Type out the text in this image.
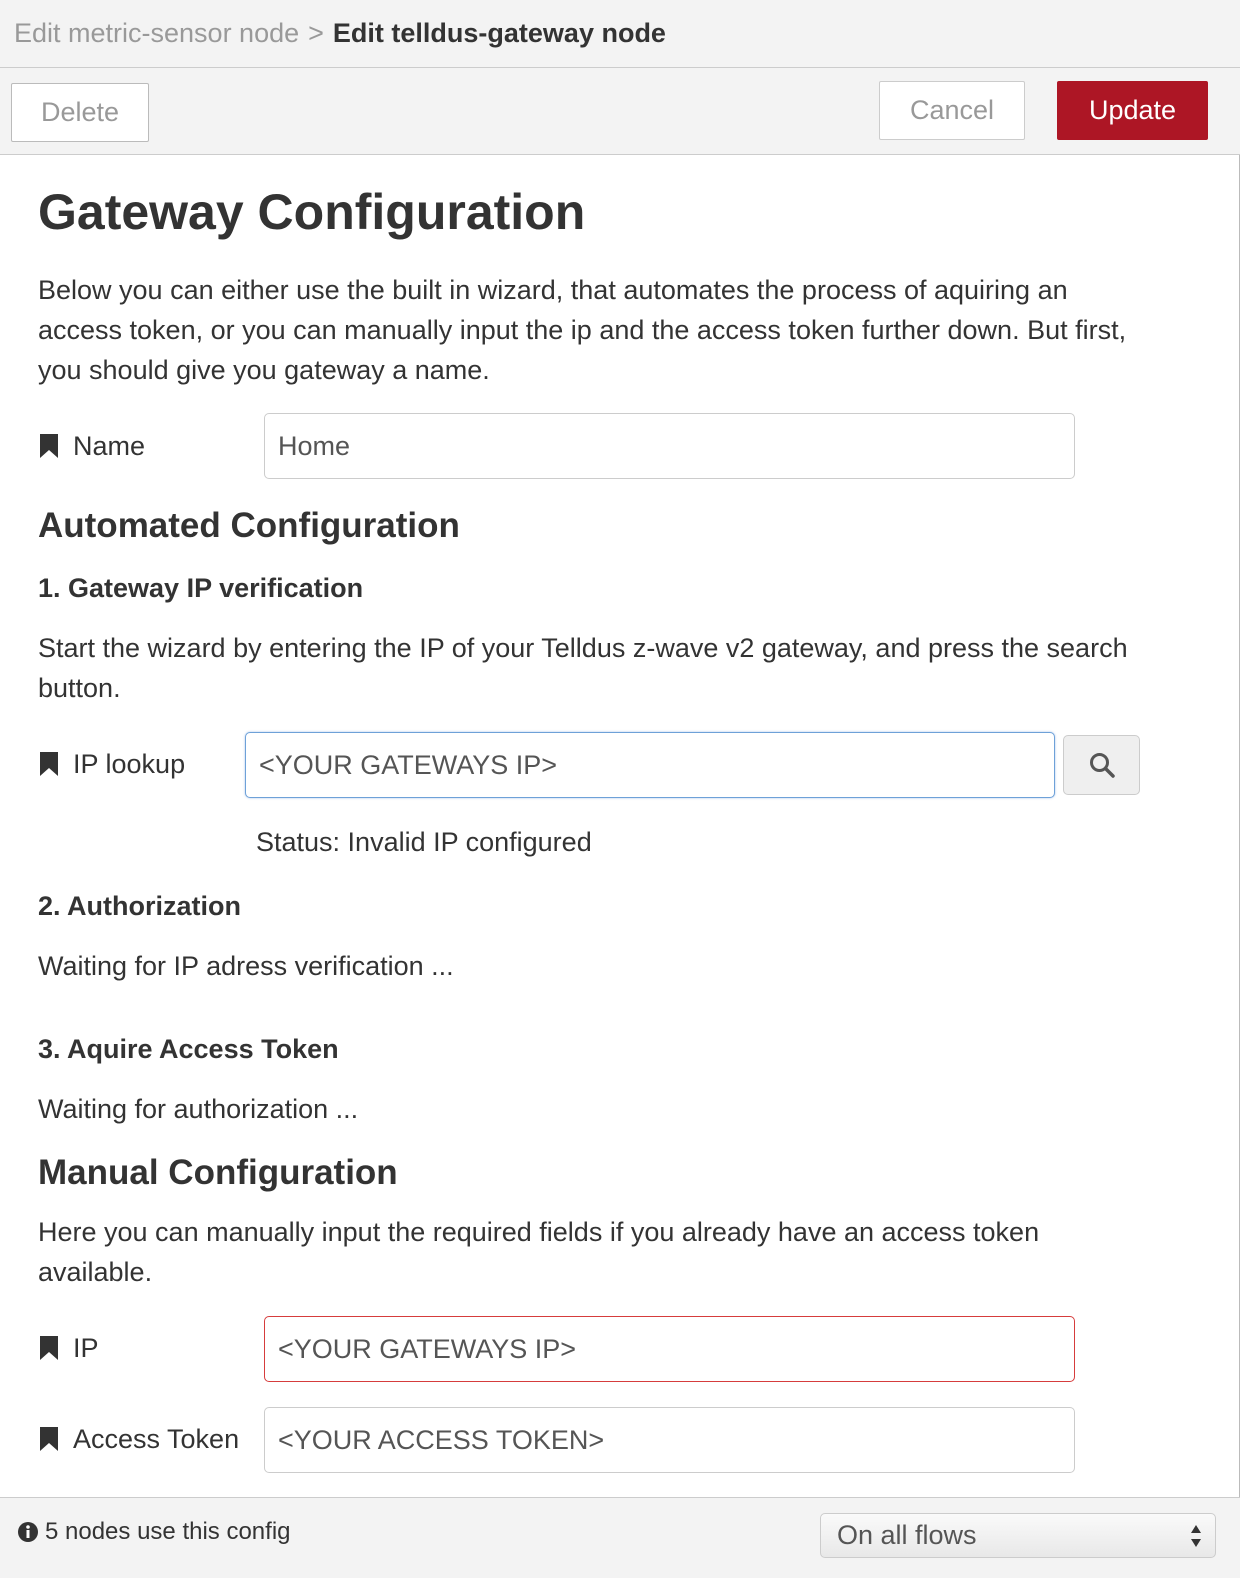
Edit metric-sensor node > Edit telldus-gateway node
Delete	Cancel	Update
Gateway Configuration
Below you can either use the built in wizard, that automates the process of aquiring an access token, or you can manually input the ip and the access token further down. But first, you should give you gateway a name.
Name	Home
Automated Configuration
1. Gateway IP verification
Start the wizard by entering the IP of your Telldus z-wave v2 gateway, and press the search button.
IP lookup	<YOUR GATEWAYS IP>
Status: Invalid IP configured
2. Authorization
Waiting for IP adress verification ...
3. Aquire Access Token
Waiting for authorization ...
Manual Configuration
Here you can manually input the required fields if you already have an access token available.
IP	<YOUR GATEWAYS IP>
Access Token	<YOUR ACCESS TOKEN>
5 nodes use this config	On all flows
